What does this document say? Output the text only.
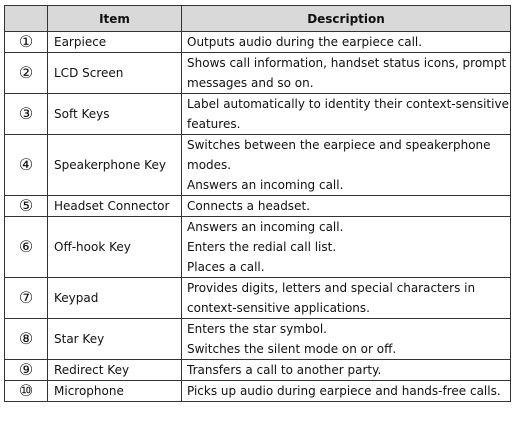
	Item	Description
①	Earpiece	Outputs audio during the earpiece call.

②	LCD Screen	Shows call information, handset status icons, prompt
messages and so on.

③	Soft Keys	Label automatically to identity their context-sensitive
features.

④	Speakerphone Key	Switches between the earpiece and speakerphone
modes.
Answers an incoming call.

⑤	Headset Connector	Connects a headset.

⑥	Off-hook Key	Answers an incoming call.
Enters the redial call list.
Places a call.

⑦	Keypad	Provides digits, letters and special characters in
context-sensitive applications.

⑧	Star Key	Enters the star symbol.
Switches the silent mode on or off.

⑨	Redirect Key	Transfers a call to another party.

⑩	Microphone	Picks up audio during earpiece and hands-free calls.
